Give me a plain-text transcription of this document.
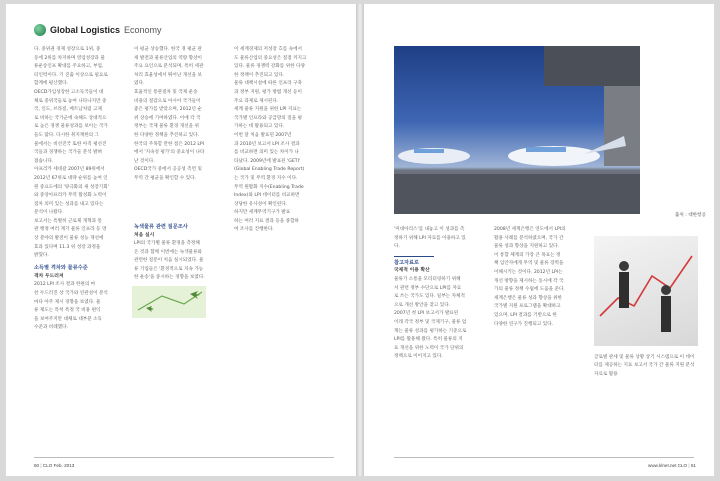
Global Logistics Economy

다. 중위권 경제 성장으로 1위, 중
동에 2위를 차지하며 영업성장과 물
류운송인프 확대를 주요하고, 부업,
터인력이다. 기 진출 이상으로 필요로
합계에 평산했다.

OECD가입성장한 고소득국들이 대
체로 중위국들로 놓여 나타나지만 중
국, 인도, 브라질, 베트남처럼 고제
로 비하는 국가군에 속해도 상대적으
로 높은 경쟁 물류성과를 보이는 국가
들도 많다. 다시한 취지계한의 그
물에서는 비선진국 또한 아직 평선진
국들과 경쟁하는 국가들 분석 밝혀
졌습니다.

아프리카 세네갈 2007년 89위에서
2012년 67위로 대략 순위를 높여 인
원 중요도에의 '양극화의 새 성장기회'
와 중앙아프리카 무역 활성화 노력이
점차 의미 있는 성과를 내고 있다는
분석이 나왔다.

보고서는 특별히 근로제 개혁과 통
관 행정 여러 계기 물류 인프라 등 영
상 분야의 발전이 물류 성능 개선에
효과 있다며 11.3 위 성장 과정을
밝혔다.

소득별 격차와 물류수준

격차 두드러져

2012 LPI 조사 결과 한편의 마
찬 두드러진 상 국가와 연관성이 분석
마다 아주 제시 경향을 보였다. 물
류 제도는 특히 특정 국 비용 편익
을 보여주지만 대체로 대부분 소득
수준과 비례했다.

이 평균 상승했다. 한국 경 평균 관
세 발전과 물류산업의 역량 향상이
주요 요인으로 분석되며, 특히 세관
처리 효율성에서 뛰어난 개선을 보
였다.

효율적인 통관절차 및 국제 운송
비용의 절감으로 아시아 국가들이
좋은 평가를 받았으며, 2012년 순
위 상승에 기여하였다. 이에 각 국
정부는 국제 물류 환경 개선을 위
한 다양한 정책을 추진하고 있다.

한국의 주목할 만한 점은 2012 LPI
에서 '지속성 평가'의 중요성이 나타
난 것이다.

OECD국가 중에서 공공성 측면 및
무역 간 평균을 확인할 수 있다.

녹색물류 관련 질문조사

처음 실시

LPI의 국가별 물류 환경을 측정해
온 것과 함께 이번에는 녹색물류와
관련한 질문이 처음 실시되었다. 물
류 기업들은 '환경적으로 지속 가능
한 운송'을 중시하는 경향을 보였다.

이 세계경제의 저성장 흐름 속에서
도 물류산업의 중요성은 점점 커지고
있다. 물류 경쟁력 강화를 위한 다양
한 정책이 추진되고 있다.

물류 대책시설에 따른 인프라 구축
과 정부 지원, 평가 방법 개선 등이
주요 과제로 제시된다.

세계 물류 지원을 위한 LPI 지표는
국가별 인프라와 공급망의 질을 평
가하는 데 활용되고 있다.

이번 달 처음 발표된 2007년
과 2010년 보고서 LPI 조사 결과
를 비교하면 의미 있는 차이가 나
타났다. 2009년에 발표된 'GETI'

(Global Enabling Trade Report)
는 국가 및 무역 환경 지수 이다.
무역 원활화 지수(Enabling Trade
Index)와 LPI 데이터를 비교하면
상당한 유사성이 확인된다.

하지만 세계무역기구가 발표
하는 여러 지표 결과 등을 종합하
여 조사를 진행한다.

50 | CLO Feb. 2013
출처 : 대한항공

'미네아리스'를 내놓고 이 성과를 측
정하기 위해 LPI 자료를 이용하고 있
다.

참고자료로

국제적 이용 확산

물류기 소통을 모티터링하기 위해
서 관련 정부 수단으로 LPI를 자료
로 쓰는 국가도 있다. 일부는 자체적
으로 개선 방안을 찾고 있다.

2007년 첫 LPI 보고서가 발표된
이래 각국 정부 및 국제기구, 물류 업
계는 물류 성과를 평가하는 기준으로
LPI를 활용해 왔다. 특히 물류의 지
표 개선을 위한 노력이 국가 단위의
정책으로 이어지고 있다.

2008년 세계은행은 연도에서 LPI의
활용 사례를 분석하였으며, 국가 간
물류 성과 향상을 지원하고 있다.

이 통합 체계의 가장 큰 목표는 정
책 입안자에게 무역 및 물류 장벽을
이해시키는 것이다. 2012년 LPI는
개선 방향을 제시하는 동시에 각 국
가의 물류 정책 수립에 도움을 준다.

세계은행은 물류 성과 향상을 위한
국가별 지원 프로그램을 확대하고
있으며, LPI 결과를 기반으로 한
다양한 연구가 진행되고 있다.

글로벌 관세 및 물류 상황 상기 시스템으로 이 데이터를 제공하는 지표 보고서 국가 간 물류 지원 분석 자료로 활용
www.klnet.net CLO | 51
